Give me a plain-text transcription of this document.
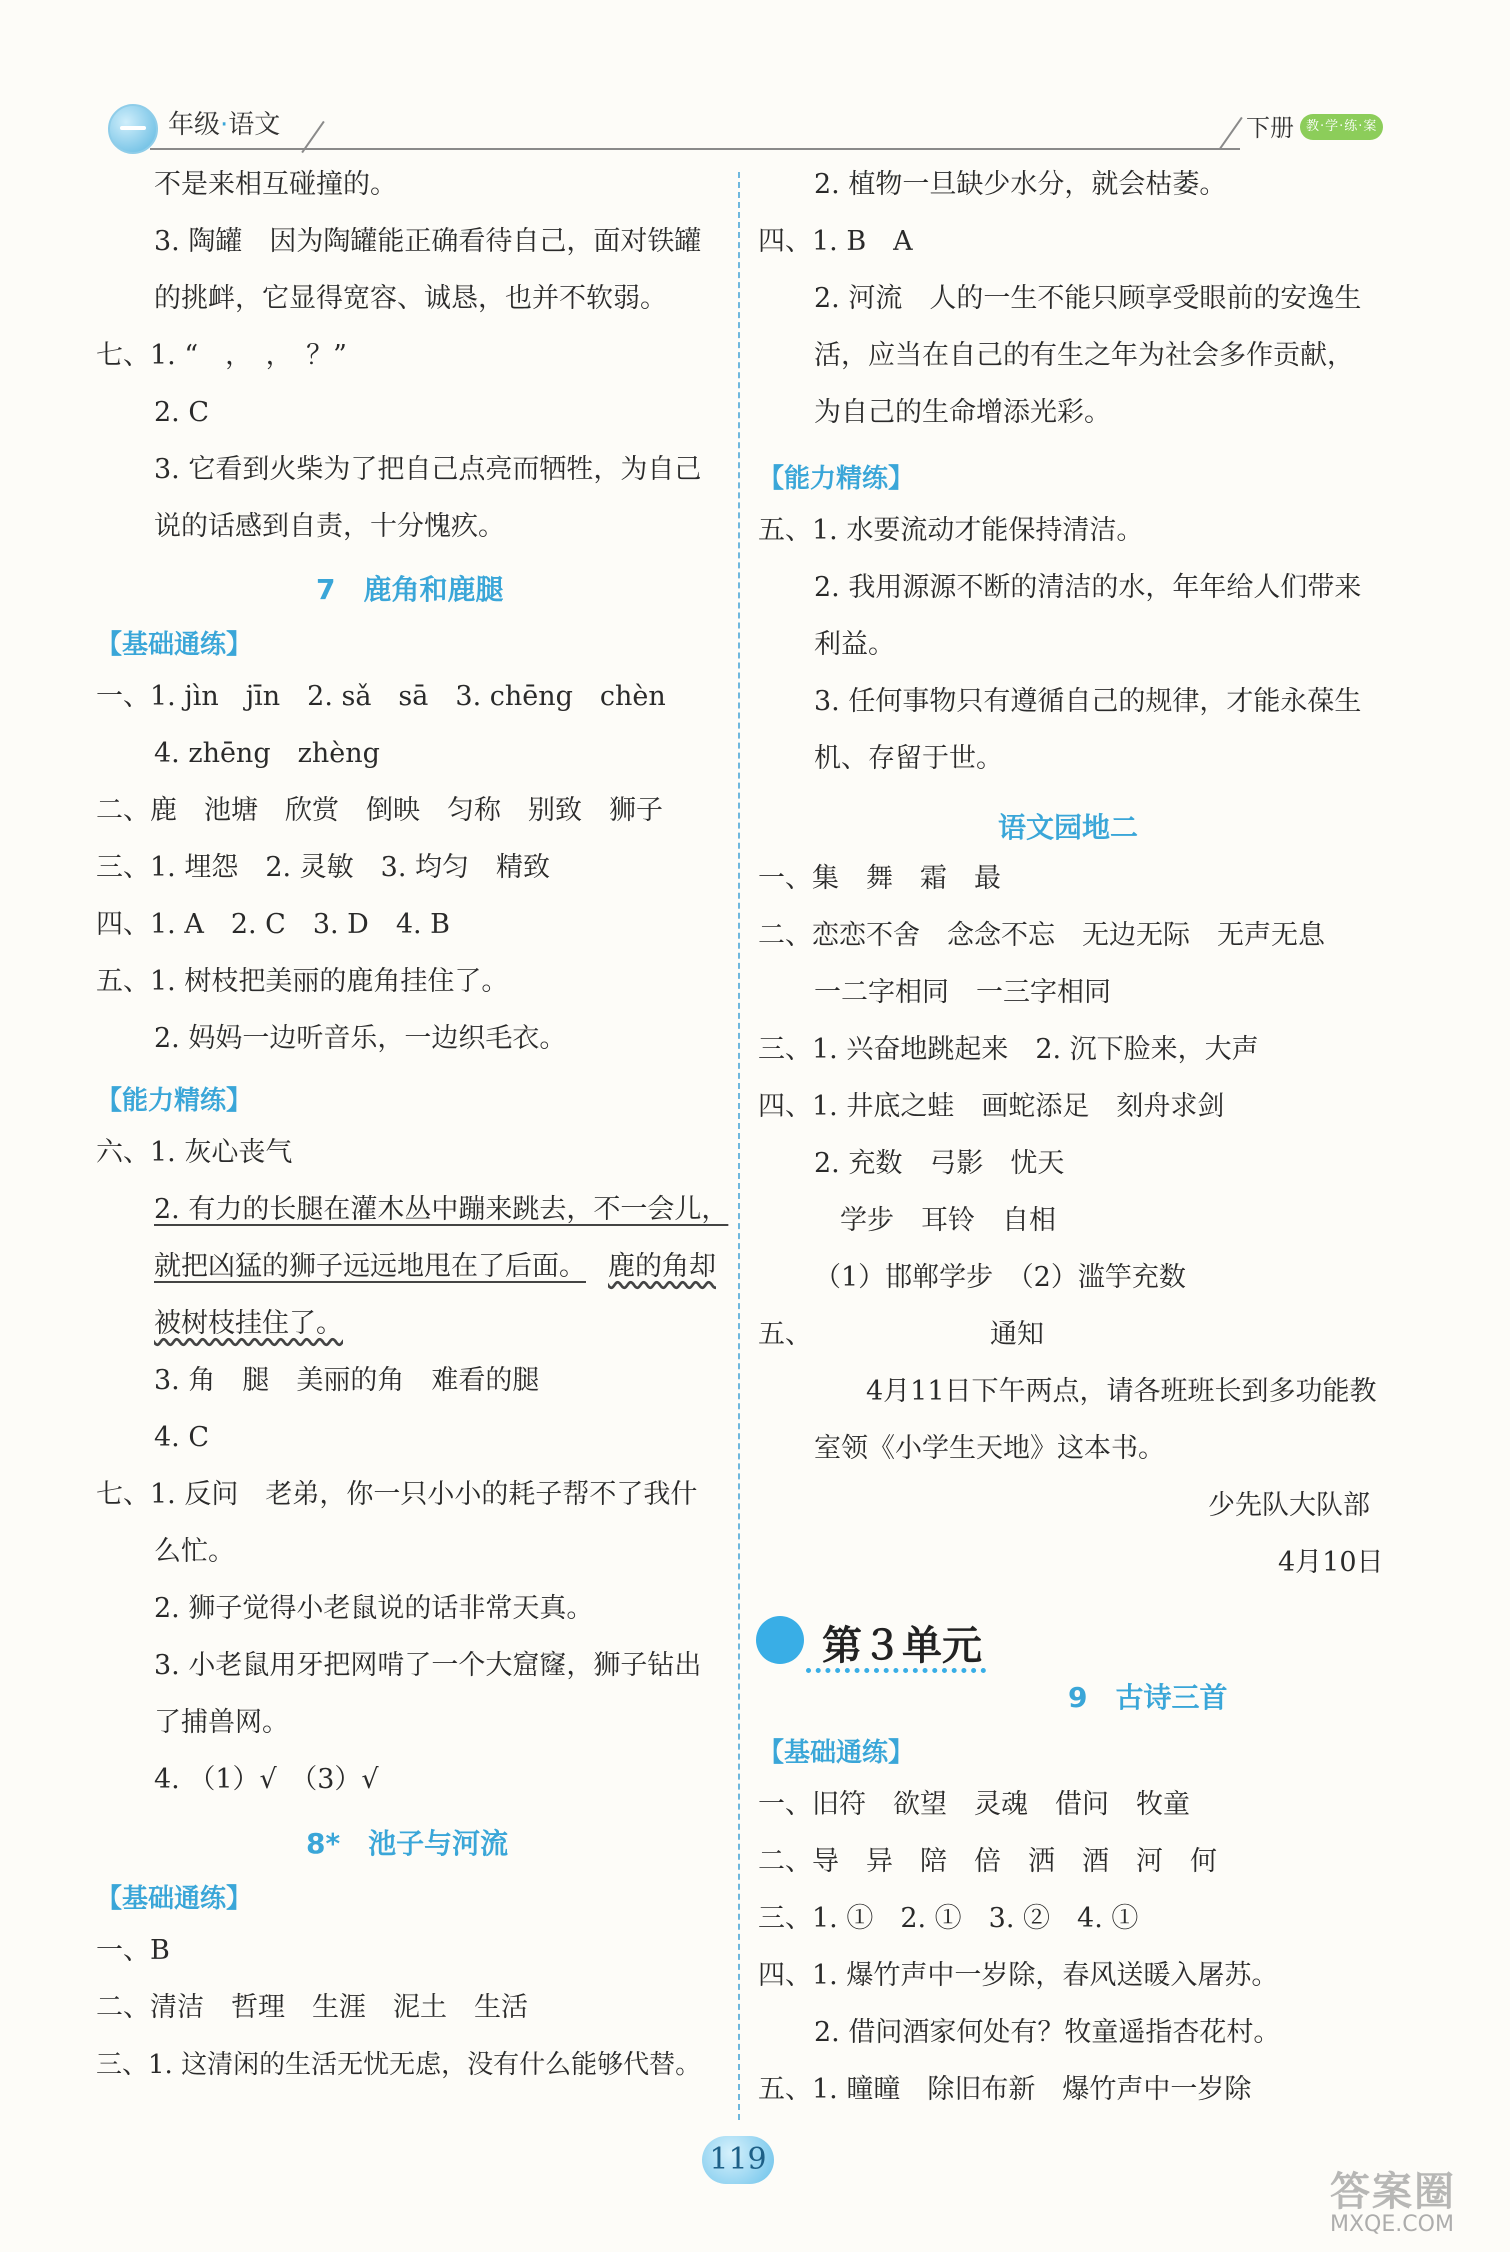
年级·语文	下册 教·学·练·案
不是来相互碰撞的。
3. 陶罐　因为陶罐能正确看待自己，面对铁罐
的挑衅，它显得宽容、诚恳，也并不软弱。
七、1. “　，　，　？”
2. C
3. 它看到火柴为了把自己点亮而牺牲，为自己
说的话感到自责，十分愧疚。
7　鹿角和鹿腿
【基础通练】
一、1. jìn　jīn　2. sǎ　sā　3. chēng　chèn
4. zhēng　zhèng
二、鹿　池塘　欣赏　倒映　匀称　别致　狮子
三、1. 埋怨　2. 灵敏　3. 均匀　精致
四、1. A　2. C　3. D　4. B
五、1. 树枝把美丽的鹿角挂住了。
2. 妈妈一边听音乐，一边织毛衣。
【能力精练】
六、1. 灰心丧气
2. 有力的长腿在灌木丛中蹦来跳去，不一会儿，
就把凶猛的狮子远远地甩在了后面。 鹿的角却
被树枝挂住了。
3. 角　腿　美丽的角　难看的腿
4. C
七、1. 反问　老弟，你一只小小的耗子帮不了我什
么忙。
2. 狮子觉得小老鼠说的话非常天真。
3. 小老鼠用牙把网啃了一个大窟窿，狮子钻出
了捕兽网。
4. （1）√　（3）√
8*　池子与河流
【基础通练】
一、B
二、清洁　哲理　生涯　泥土　生活
三、1. 这清闲的生活无忧无虑，没有什么能够代替。
2. 植物一旦缺少水分，就会枯萎。
四、1. B　A
2. 河流　人的一生不能只顾享受眼前的安逸生
活，应当在自己的有生之年为社会多作贡献，
为自己的生命增添光彩。
【能力精练】
五、1. 水要流动才能保持清洁。
2. 我用源源不断的清洁的水，年年给人们带来
利益。
3. 任何事物只有遵循自己的规律，才能永葆生
机、存留于世。
语文园地二
一、集　舞　霜　最
二、恋恋不舍　念念不忘　无边无际　无声无息
一二字相同　一三字相同
三、1. 兴奋地跳起来　2. 沉下脸来，大声
四、1. 井底之蛙　画蛇添足　刻舟求剑
2. 充数　弓影　忧天
学步　耳铃　自相
（1）邯郸学步　（2）滥竽充数
五、	通知
4月11日下午两点，请各班班长到多功能教
室领《小学生天地》这本书。
少先队大队部
4月10日
9　古诗三首
【基础通练】
一、旧符　欲望　灵魂　借问　牧童
二、导　异　陪　倍　洒　酒　河　何
三、1. ①　2. ①　3. ②　4. ①
四、1. 爆竹声中一岁除，春风送暖入屠苏。
2. 借问酒家何处有？牧童遥指杏花村。
五、1. 曈曈　除旧布新　爆竹声中一岁除
第３单元
119
答案圈
MXQE.COM
